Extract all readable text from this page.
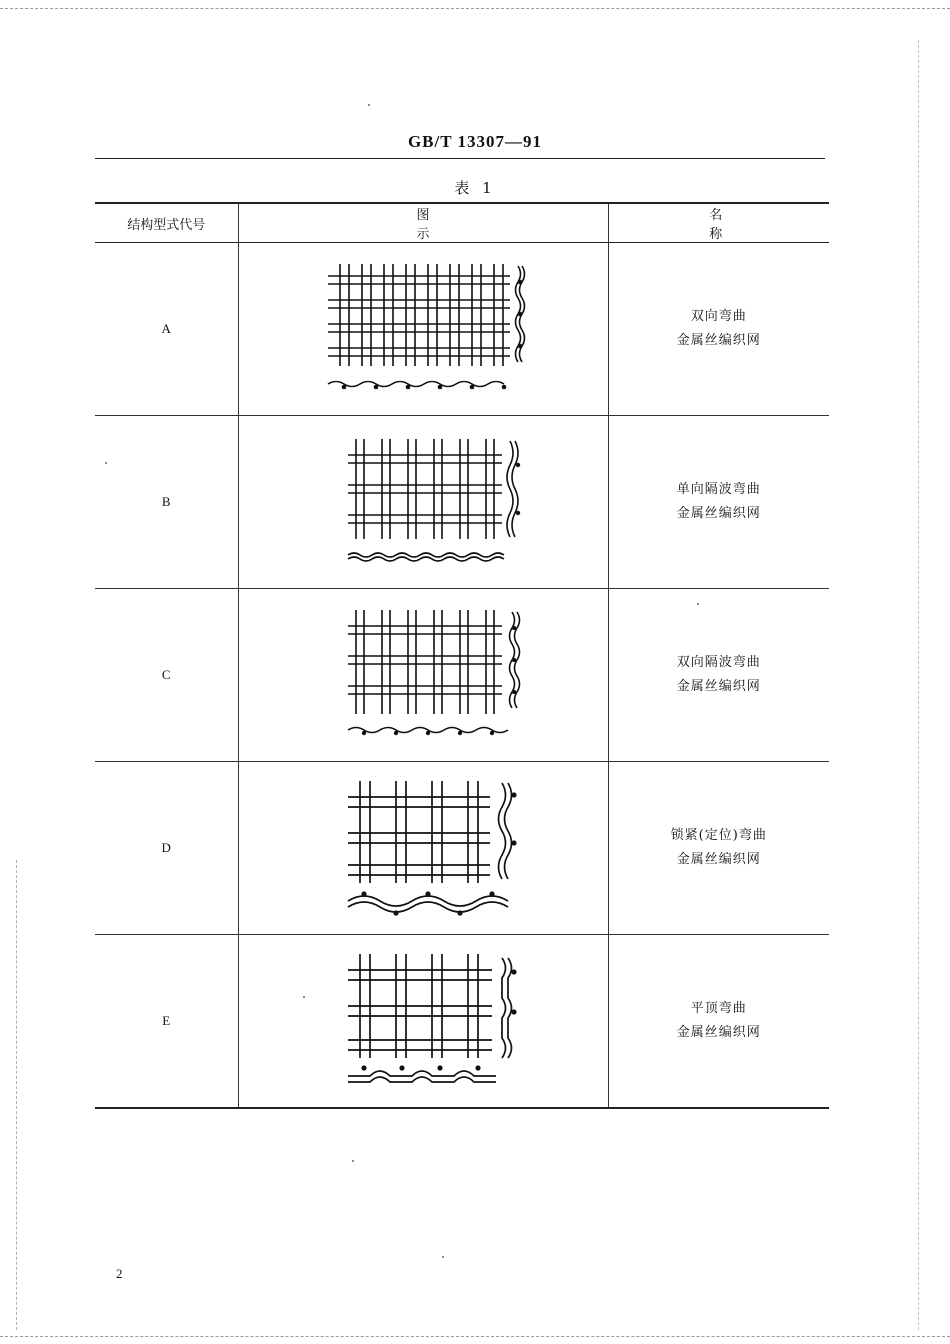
GB/T 13307—91
表 1
结构型式代号	图 示	名 称
A		双向弯曲
金属丝编织网

B		单向隔波弯曲
金属丝编织网

C		双向隔波弯曲
金属丝编织网

D		锁紧(定位)弯曲
金属丝编织网

E		平顶弯曲
金属丝编织网
2
